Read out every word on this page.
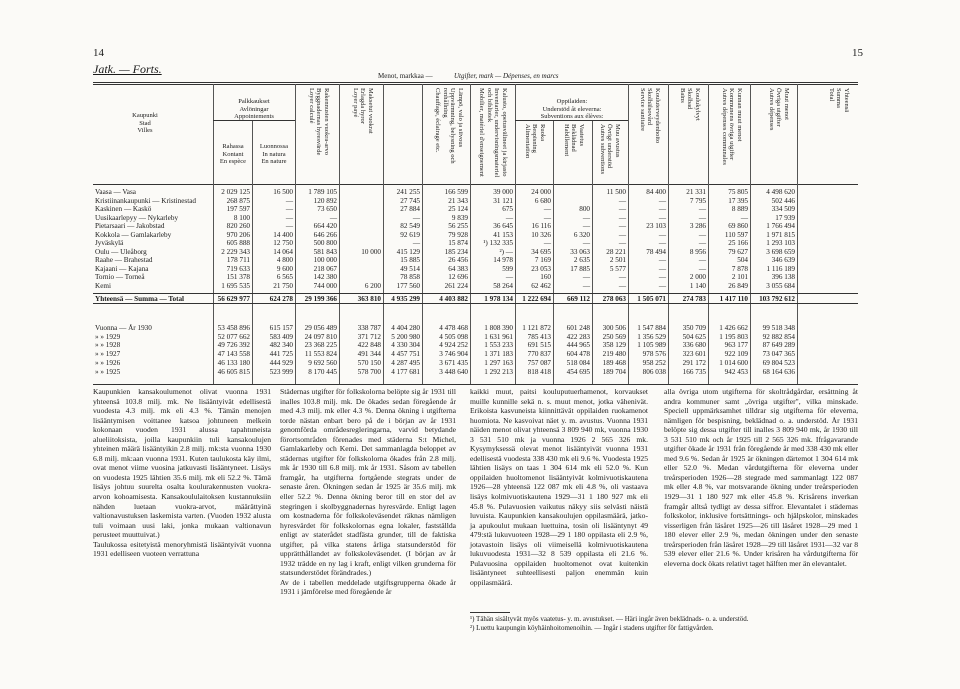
14	15
Jatk. — Forts.	Menot, markkaa —	Utgifter, mark — Dépenses, en marcs
Kaupunki
Stad
Villes
Palkkaukset
Avlöningar
Appointements
Rahassa
Kontant
En espèce
Luonnossa
In natura
En nature
Rakennusten vuokra-arvo
Byggnadernas hyresvärde
Loyer calculé
Maksetut vuokrat
Erlagda hyror
Loyer payé
Lämpö, valo ja siivous
Uppvärmning, belysning och renhållning
Chauffage, éclairage etc.
Kalusto, opetusvälineet ja kirjasto
Inventarier, undervisningsmateriel och bibliotek
Mobilier, matériel d'enseignement
Oppilaiden:
Understöd åt eleverna:
Subventions aux élèves:
Ruoka
Bespisning
Alimentation	Vaatetus
Beklädnad
Habillement	Muu avustus
Övrigt understöd
Autres subventions
Kouluterveydenhoito
Skolhälsovård
Service sanitaire	Koulukylvyt
Skolbad
Bains	Kunnan muut menot
Kommunens övriga utgifter
Autres dépenses communales
Muut menot
Övriga utgifter
Autres dépenses
Yhteensä
Summa
Total
Vaasa — Vasa	2 029 125	16 500	1 789 105	241 255	166 599	39 000	24 000	11 500	84 400	21 331	75 805	4 498 620
Kristiinankaupunki — Kristinestad	268 875	—	120 892	27 745	21 343	31 121	6 680	—	—	7 795	17 395	502 446
Kaskinen — Kaskö	197 597	—	73 650	27 884	25 124	675	—	800	—	—	—	8 889	334 509
Uusikaarlepyy — Nykarleby	8 100	—	—	—	9 839	—	—	—	—	—	—	—	17 939
Pietarsaari — Jakobstad	820 260	—	664 420	82 549	56 255	36 645	16 116	—	—	23 103	3 286	69 860	1 766 494
Kokkola — Gamlakarleby	970 206	14 400	646 266	92 619	79 928	41 153	10 326	6 320	—	—	—	110 597	1 971 815
Jyväskylä	605 888	12 750	500 800	—	15 874	¹) 132 335	—	—	—	—	—	25 166	1 293 103
Oulu — Uleåborg	2 229 343	14 064	581 843	10 000	415 129	185 234	²) —	34 695	33 063	28 221	78 494	8 956	79 627	3 698 659
Raahe — Brahestad	178 711	4 800	100 000	15 885	26 456	14 978	7 169	2 635	2 501	—	—	504	346 639
Kajaani — Kajana	719 633	9 600	218 067	49 514	64 383	599	23 053	17 885	5 577	—	—	7 878	1 116 189
Tornio — Torneå	151 378	6 565	142 380	78 858	12 696	—	160	—	—	—	2 000	2 101	396 138
Kemi	1 695 535	21 750	744 000	6 200	177 560	261 224	58 264	62 462	—	—	—	1 140	26 849	3 055 684
Yhteensä — Summa — Total	56 629 977	624 278	29 199 366	363 810	4 935 299	4 403 882	1 978 134	1 222 694	669 112	278 063	1 505 071	274 783	1 417 110	103 792 612
Vuonna — År 1930	53 458 896	615 157	29 056 489	338 787	4 404 280	4 478 468	1 808 390	1 121 872	601 248	300 506	1 547 884	350 709	1 426 662	99 518 348
» » 1929	52 077 662	583 409	24 097 810	371 712	5 200 980	4 505 098	1 631 961	785 413	422 283	250 569	1 356 529	504 625	1 195 803	92 882 854
» » 1928	49 726 392	482 340	23 368 225	422 848	4 330 304	4 924 252	1 553 233	691 515	444 965	358 129	1 105 989	336 680	963 177	87 649 289
» » 1927	47 143 558	441 725	11 553 824	491 344	4 457 751	3 746 904	1 371 183	770 837	604 478	219 480	978 576	323 601	922 109	73 047 365
» » 1926	46 133 180	444 929	9 692 560	570 150	4 287 495	3 671 435	1 297 163	757 087	518 084	189 468	958 252	291 172	1 014 600	69 804 523
» » 1925	46 605 815	523 999	8 170 445	578 700	4 177 681	3 448 640	1 292 213	818 418	454 695	189 704	806 038	166 735	942 453	68 164 636
Kaupunkien kansakoulumenot olivat vuonna 1931 yhteensä 103.8 milj. mk. Ne lisääntyivät edellisestä vuodesta 4.3 milj. mk eli 4.3 %. Tämän menojen lisääntymisen voittanee katsoa johtuneen melkein kokonaan vuoden 1931 alussa tapahtuneista alueliitoksista, joilla kaupunkiin tuli kansakoulujen yhteinen määrä lisääntyikin 2.8 milj. mk:sta vuonna 1930 6.8 milj. mk:aan vuonna 1931. Kuten taulukosta käy ilmi, ovat menot viime vuosina jatkuvasti lisääntyneet. Lisäys on vuodesta 1925 lähtien 35.6 milj. mk eli 52.2 %. Tämä lisäys johtuu suurelta osalta koulurakennusten vuokra-arvon kohoamisesta. Kansakoululaitoksen kustannuksiin nähden luetaan vuokra-arvot, määrättyinä valtionavustuksen laskemista varten. (Vuoden 1932 alusta tuli voimaan uusi laki, jonka mukaan valtionavun perusteet muuttuivat.)
Taulukossa esitetyistä menoryhmistä lisääntyivät vuonna 1931 edelliseen vuoteen verrattuna
Städernas utgifter för folkskolorna belöpte sig år 1931 till inalles 103.8 milj. mk. De ökades sedan föregående år med 4.3 milj. mk eller 4.3 %. Denna ökning i utgifterna torde nästan enbart bero på de i början av år 1931 genomförda områdesregleringarna, varvid betydande förortsområden förenades med städerna S:t Michel, Gamlakarleby och Kemi. Det sammanlagda beloppet av städernas utgifter för folkskolorna ökades från 2.8 milj. mk år 1930 till 6.8 milj. mk år 1931. Såsom av tabellen framgår, ha utgifterna fortgående stegrats under de senaste åren. Ökningen sedan år 1925 är 35.6 milj. mk eller 52.2 %. Denna ökning beror till en stor del av stegringen i skolbyggnadernas hyresvärde. Enligt lagen om kostnaderna för folkskoleväsendet räknas nämligen hyresvärdet för folkskolornas egna lokaler, fastställda enligt av staterådet stadfästa grunder, till de faktiska utgifter, på vilka statens årliga statsunderstöd för upprätthållandet av folkskoleväsendet. (I början av år 1932 trädde en ny lag i kraft, enligt vilken grunderna för statsunderstödet förändrades.)
Av de i tabellen meddelade utgiftsgrupperna ökade år 1931 i jämförelse med föregående år
kaikki muut, paitsi kouluputuerhamenot, korvaukset muille kunnille sekä n. s. muut menot, jotka vähenivät. Erikoista kasvuneista kiinnittävät oppilaiden ruokamenot huomiota. Ne kasvoivat näet y. m. avustus. Vuonna 1931 näiden menot olivat yhteensä 3 809 940 mk, vuonna 1930 3 531 510 mk ja vuonna 1926 2 565 326 mk. Kysymyksessä olevat menot lisääntyivät vuonna 1931 edellisestä vuodesta 338 430 mk eli 9.6 %. Vuodesta 1925 lähtien lisäys on taas 1 304 614 mk eli 52.0 %. Kun oppilaiden huoltomenot lisääntyivät kolmivuotiskautena 1926—28 yhteensä 122 087 mk eli 4.8 %, oli vastaava lisäys kolmivuotiskautena 1929—31 1 180 927 mk eli 45.8 %. Pulavuosien vaikutus näkyy siis selvästi näistä luvuista. Kaupunkien kansakoulujen oppilasmäärä, jatko- ja apukoulut mukaan luettuina, tosin oli lisääntynyt 49 479:stä lukuvuoteen 1928—29 1 180 oppilasta eli 2.9 %, jotavastoin lisäys oli viimeisellä kolmivuotiskautena lukuvuodesta 1931—32 8 539 oppilasta eli 21.6 %. Pulavuosina oppilaiden huoltomenot ovat kuitenkin lisääntyneet suhteellisesti paljon enemmän kuin oppilasmäärä.
alla övriga utom utgifterna för skoltrådgårdar, ersättning åt andra kommuner samt „övriga utgifter", vilka minskade. Speciell uppmärksamhet tilldrar sig utgifterna för eleverna, nämligen för bespisning, beklädnad o. a. understöd. År 1931 belöpte sig dessa utgifter till inalles 3 809 940 mk, år 1930 till 3 531 510 mk och år 1925 till 2 565 326 mk. Ifrågavarande utgifter ökade år 1931 från föregående år med 338 430 mk eller med 9.6 %. Sedan år 1925 är ökningen därtemot 1 304 614 mk eller 52.0 %. Medan vårdutgifterna för eleverna under treårsperioden 1926—28 stegrade med sammanlagt 122 087 mk eller 4.8 %, var motsvarande ökning under treårsperioden 1929—31 1 180 927 mk eller 45.8 %. Krisårens inverkan framgår alltså tydligt av dessa siffror. Elevantalet i städernas folkskolor, inklusive fortsättnings- och hjälpskolor, minskades visserligen från läsåret 1925—26 till läsåret 1928—29 med 1 180 elever eller 2.9 %, medan ökningen under den senaste treårsperioden från läsåret 1928—29 till läsåret 1931—32 var 8 539 elever eller 21.6 %. Under krisåren ha vårdutgifterna för eleverna dock ökats relativt taget hälften mer än elevantalet.
¹) Tähän sisältyvät myös vaatetus- y. m. avustukset. — Häri ingår även beklädnads- o. a. understöd.
²) Luettu kaupungin köyhäinhoitomenoihin. — Ingår i stadens utgifter för fattigvården.
